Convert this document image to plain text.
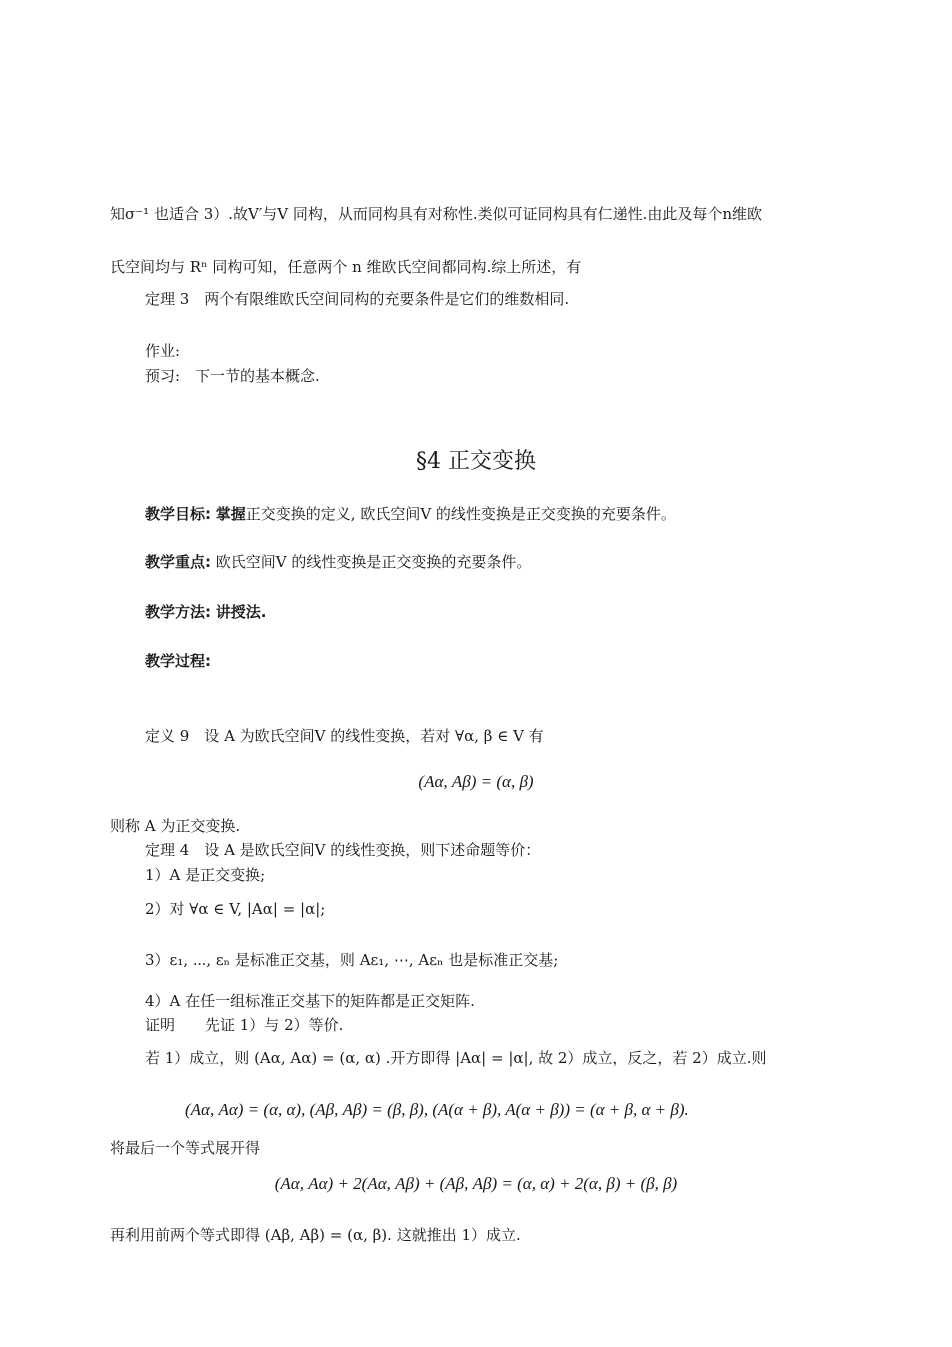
知σ⁻¹ 也适合 3）.故V′与V 同构，从而同构具有对称性.类似可证同构具有仁递性.由此及每个n维欧
氏空间均与 Rⁿ 同构可知，任意两个 n 维欧氏空间都同构.综上所述，有
定理 3　两个有限维欧氏空间同构的充要条件是它们的维数相同.
作业:
预习:　下一节的基本概念.
§4 正交变换
教学目标: 掌握正交变换的定义, 欧氏空间V 的线性变换是正交变换的充要条件。
教学重点: 欧氏空间V 的线性变换是正交变换的充要条件。
教学方法: 讲授法.
教学过程:
定义 9　设 A 为欧氏空间V 的线性变换，若对 ∀α, β ∈ V 有
(Aα, Aβ) = (α, β)
则称 A 为正交变换.
定理 4　设 A 是欧氏空间V 的线性变换，则下述命题等价：
1）A 是正交变换;
2）对 ∀α ∈ V, |Aα| = |α|;
3）ε₁, ⋯, εₙ 是标准正交基，则 Aε₁, ⋯, Aεₙ 也是标准正交基;
4）A 在任一组标准正交基下的矩阵都是正交矩阵.
证明　　先证 1）与 2）等价.
若 1）成立，则 (Aα, Aα) = (α, α) .开方即得 |Aα| = |α|, 故 2）成立，反之，若 2）成立.则
(Aα, Aα) = (α, α), (Aβ, Aβ) = (β, β), (A(α + β), A(α + β)) = (α + β, α + β).
将最后一个等式展开得
(Aα, Aα) + 2(Aα, Aβ) + (Aβ, Aβ) = (α, α) + 2(α, β) + (β, β)
再利用前两个等式即得 (Aβ, Aβ) = (α, β). 这就推出 1）成立.
